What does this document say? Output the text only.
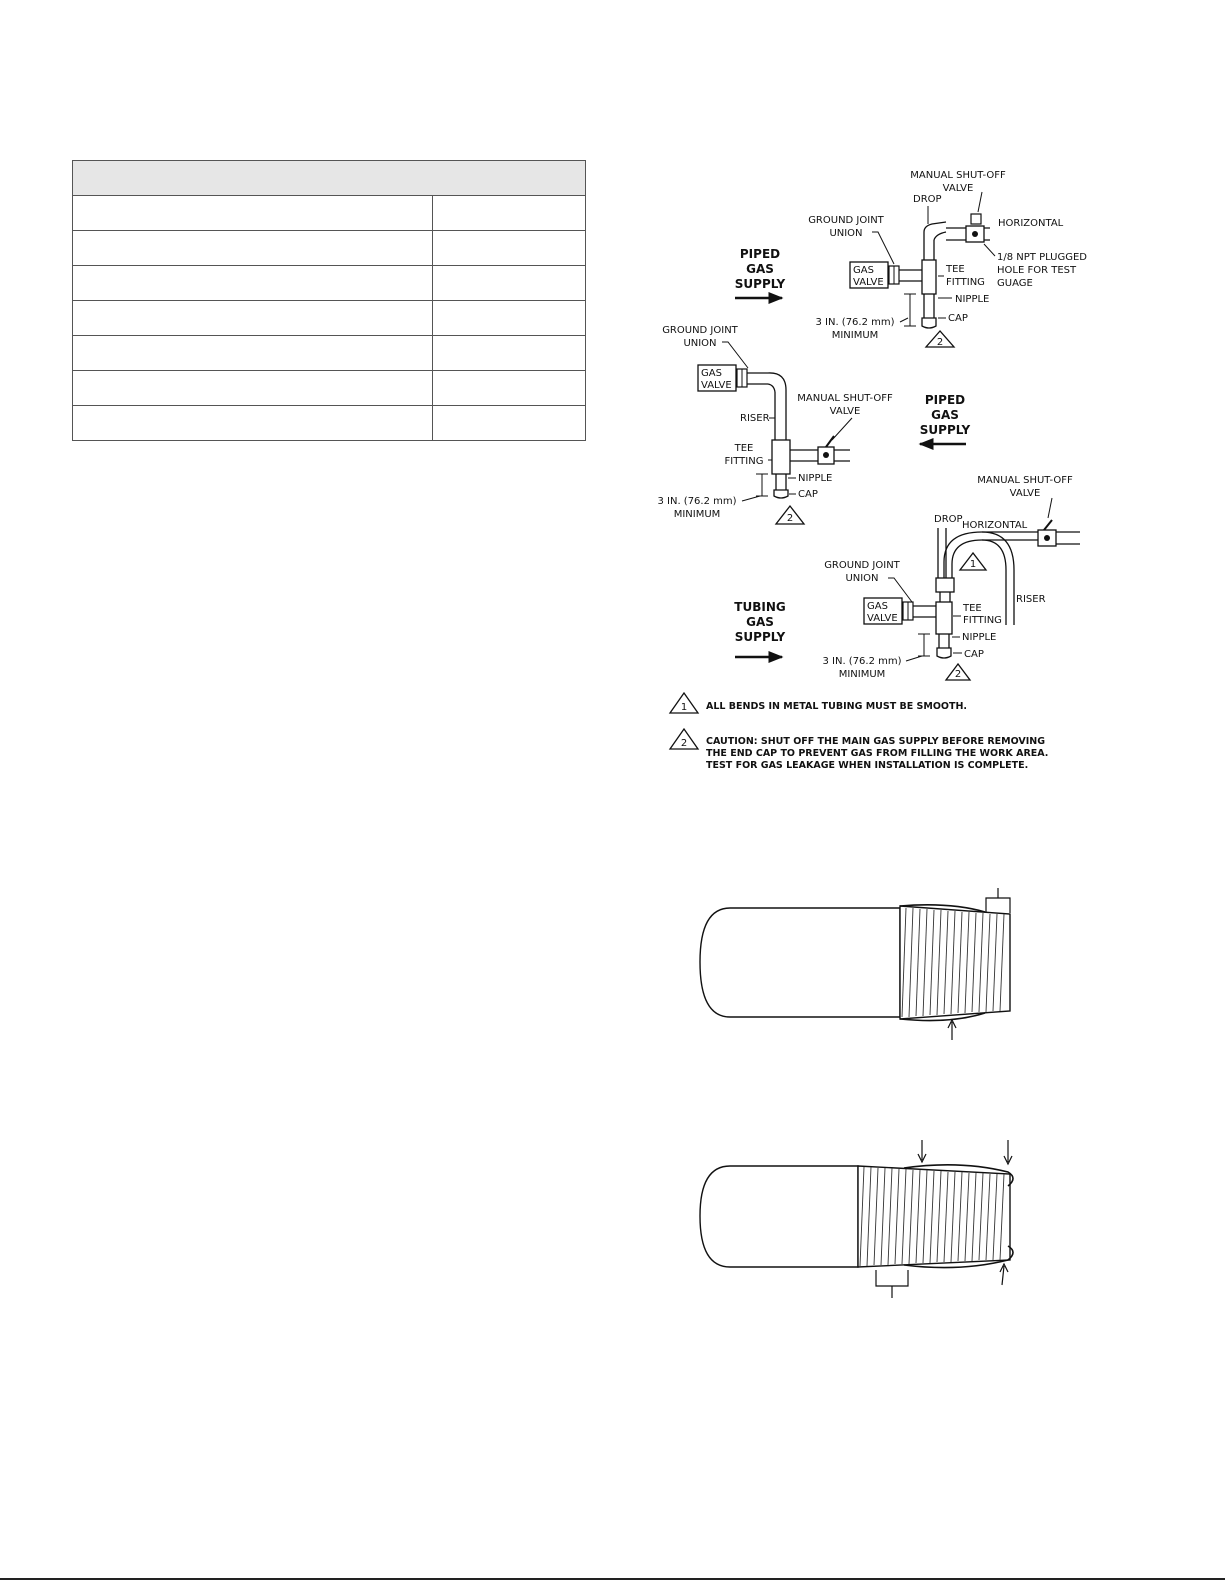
PIPED
GAS
SUPPLY
GAS
VALVE
MANUAL SHUT-OFF
VALVE
DROP
HORIZONTAL
GROUND JOINT
UNION
1/8 NPT PLUGGED
HOLE FOR TEST
GUAGE
TEE
FITTING
NIPPLE
CAP
3 IN. (76.2 mm)
MINIMUM
2
GROUND JOINT
UNION
GAS
VALVE
MANUAL SHUT-OFF
VALVE
PIPED
GAS
SUPPLY
RISER
TEE
FITTING
NIPPLE
CAP
3 IN. (76.2 mm)
MINIMUM	2
MANUAL SHUT-OFF
VALVE
DROP
HORIZONTAL
RISER
1
GROUND JOINT
UNION
TUBING
GAS
SUPPLY
GAS
VALVE
TEE
FITTING
NIPPLE
CAP
3 IN. (76.2 mm)
MINIMUM	2
1 ALL BENDS IN METAL TUBING MUST BE SMOOTH.
2 CAUTION: SHUT OFF THE MAIN GAS SUPPLY BEFORE REMOVING
THE END CAP TO PREVENT GAS FROM FILLING THE WORK AREA.
TEST FOR GAS LEAKAGE WHEN INSTALLATION IS COMPLETE.
